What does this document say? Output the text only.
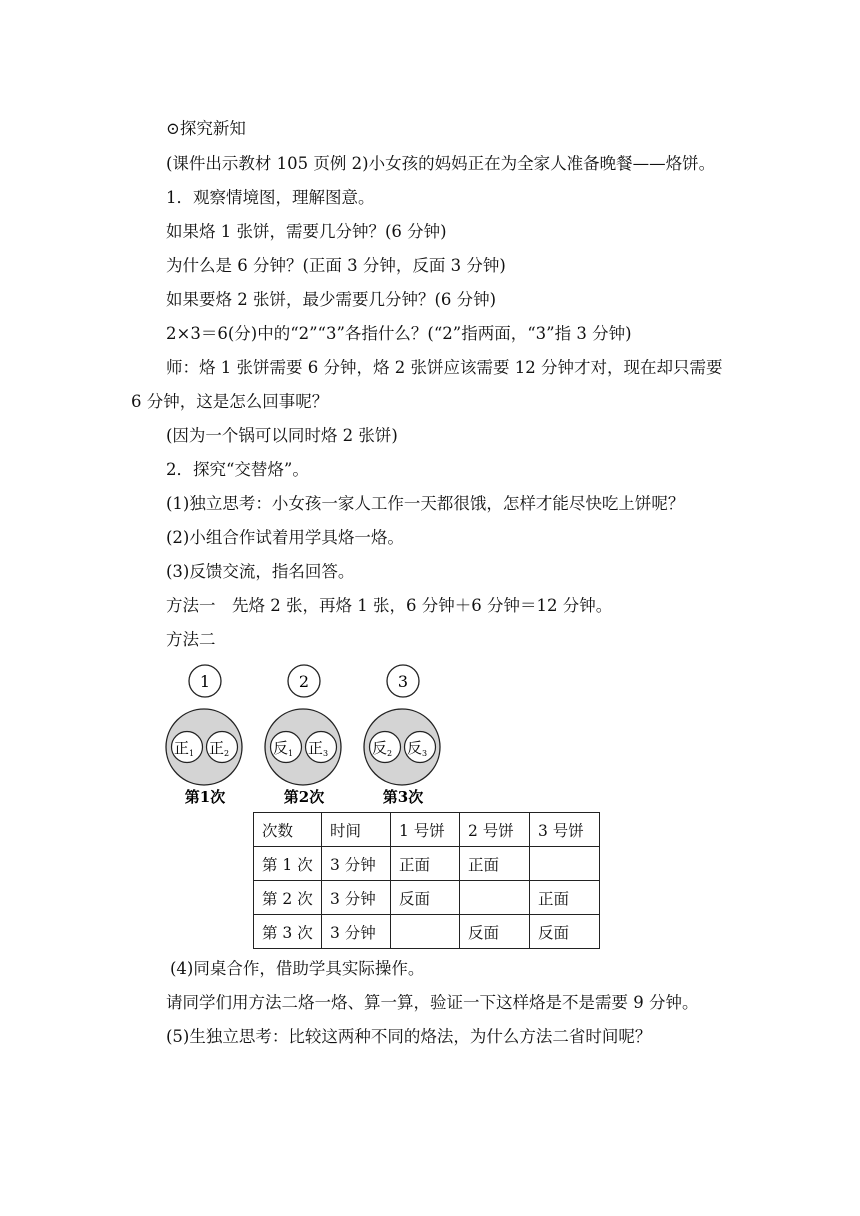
⊙探究新知
(课件出示教材 105 页例 2)小女孩的妈妈正在为全家人准备晚餐——烙饼。
1．观察情境图，理解图意。
如果烙 1 张饼，需要几分钟？(6 分钟)
为什么是 6 分钟？(正面 3 分钟，反面 3 分钟)
如果要烙 2 张饼，最少需要几分钟？(6 分钟)
2×3＝6(分)中的“2”“3”各指什么？(“2”指两面，“3”指 3 分钟)
师：烙 1 张饼需要 6 分钟，烙 2 张饼应该需要 12 分钟才对，现在却只需要
6 分钟，这是怎么回事呢？
(因为一个锅可以同时烙 2 张饼)
2．探究“交替烙”。
(1)独立思考：小女孩一家人工作一天都很饿，怎样才能尽快吃上饼呢？
(2)小组合作试着用学具烙一烙。
(3)反馈交流，指名回答。
方法一　先烙 2 张，再烙 1 张，6 分钟＋6 分钟＝12 分钟。
方法二
1
正$_1$ 正$_2$
第1次
2
反$_1$ 正$_3$
第2次
3
反$_2$ 反$_3$
第3次
次数	时间	1 号饼	2 号饼	3 号饼
第 1 次	3 分钟	正面	正面	
第 2 次	3 分钟	反面		正面
第 3 次	3 分钟		反面	反面
(4)同桌合作，借助学具实际操作。
请同学们用方法二烙一烙、算一算，验证一下这样烙是不是需要 9 分钟。
(5)生独立思考：比较这两种不同的烙法，为什么方法二省时间呢？
